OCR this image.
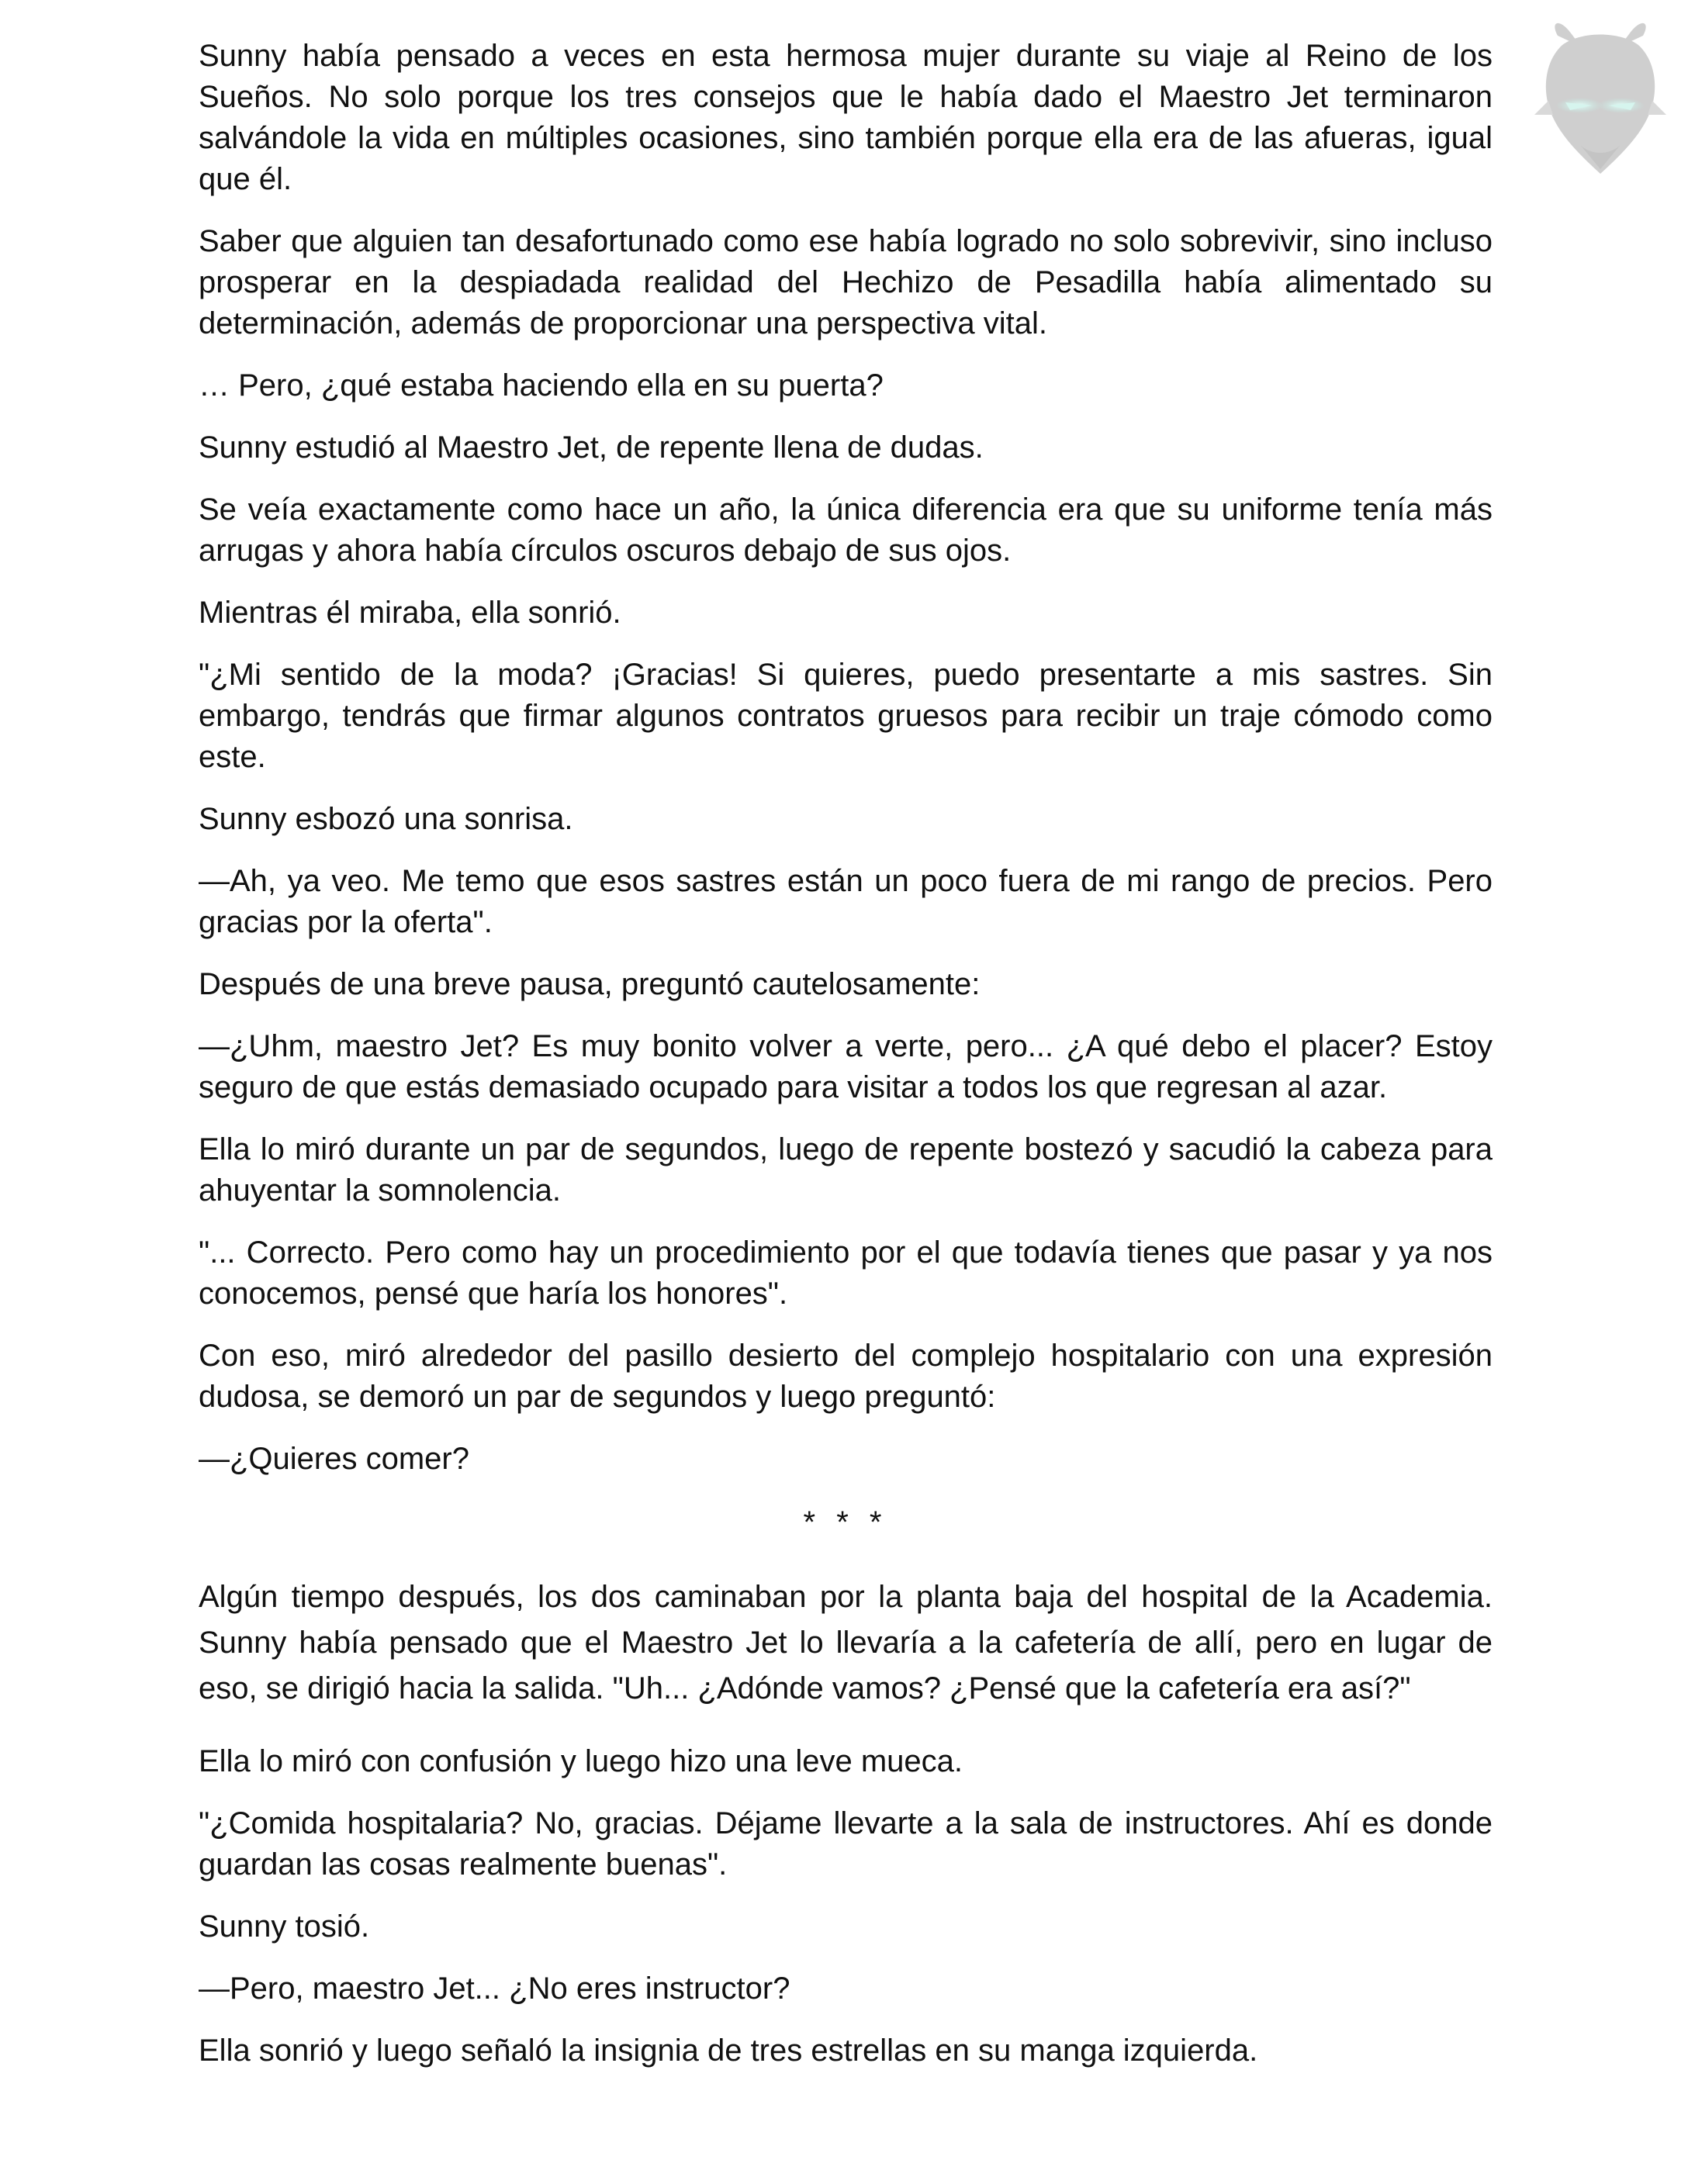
Sunny había pensado a veces en esta hermosa mujer durante su viaje al Reino de los Sueños. No solo porque los tres consejos que le había dado el Maestro Jet terminaron salvándole la vida en múltiples ocasiones, sino también porque ella era de las afueras, igual que él.

Saber que alguien tan desafortunado como ese había logrado no solo sobrevivir, sino incluso prosperar en la despiadada realidad del Hechizo de Pesadilla había alimentado su determinación, además de proporcionar una perspectiva vital.

… Pero, ¿qué estaba haciendo ella en su puerta?

Sunny estudió al Maestro Jet, de repente llena de dudas.

Se veía exactamente como hace un año, la única diferencia era que su uniforme tenía más arrugas y ahora había círculos oscuros debajo de sus ojos.

Mientras él miraba, ella sonrió.

"¿Mi sentido de la moda? ¡Gracias! Si quieres, puedo presentarte a mis sastres. Sin embargo, tendrás que firmar algunos contratos gruesos para recibir un traje cómodo como este.

Sunny esbozó una sonrisa.

—Ah, ya veo. Me temo que esos sastres están un poco fuera de mi rango de precios. Pero gracias por la oferta".

Después de una breve pausa, preguntó cautelosamente:

—¿Uhm, maestro Jet? Es muy bonito volver a verte, pero... ¿A qué debo el placer? Estoy seguro de que estás demasiado ocupado para visitar a todos los que regresan al azar.

Ella lo miró durante un par de segundos, luego de repente bostezó y sacudió la cabeza para ahuyentar la somnolencia.

"... Correcto. Pero como hay un procedimiento por el que todavía tienes que pasar y ya nos conocemos, pensé que haría los honores".

Con eso, miró alrededor del pasillo desierto del complejo hospitalario con una expresión dudosa, se demoró un par de segundos y luego preguntó:

—¿Quieres comer?

* * *

Algún tiempo después, los dos caminaban por la planta baja del hospital de la Academia. Sunny había pensado que el Maestro Jet lo llevaría a la cafetería de allí, pero en lugar de eso, se dirigió hacia la salida. "Uh... ¿Adónde vamos? ¿Pensé que la cafetería era así?"

Ella lo miró con confusión y luego hizo una leve mueca.

"¿Comida hospitalaria? No, gracias. Déjame llevarte a la sala de instructores. Ahí es donde guardan las cosas realmente buenas".

Sunny tosió.

—Pero, maestro Jet... ¿No eres instructor?

Ella sonrió y luego señaló la insignia de tres estrellas en su manga izquierda.
